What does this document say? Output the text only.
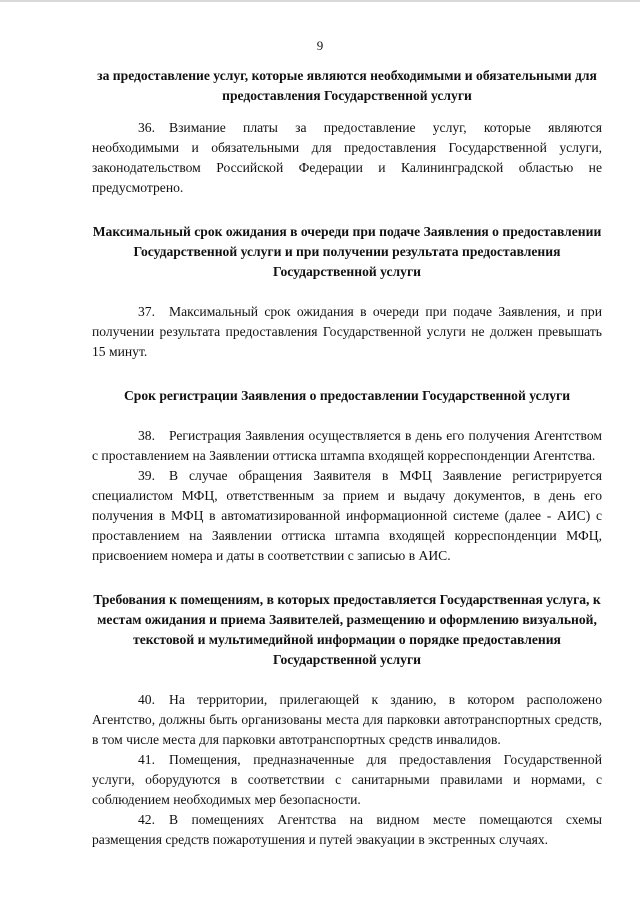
9

за предоставление услуг, которые являются необходимыми и обязательными для предоставления Государственной услуги

36. Взимание платы за предоставление услуг, которые являются необходимыми и обязательными для предоставления Государственной услуги, законодательством Российской Федерации и Калининградской областью не предусмотрено.

Максимальный срок ожидания в очереди при подаче Заявления о предоставлении Государственной услуги и при получении результата предоставления Государственной услуги

37. Максимальный срок ожидания в очереди при подаче Заявления, и при получении результата предоставления Государственной услуги не должен превышать 15 минут.

Срок регистрации Заявления о предоставлении Государственной услуги

38. Регистрация Заявления осуществляется в день его получения Агентством с проставлением на Заявлении оттиска штампа входящей корреспонденции Агентства.

39. В случае обращения Заявителя в МФЦ Заявление регистрируется специалистом МФЦ, ответственным за прием и выдачу документов, в день его получения в МФЦ в автоматизированной информационной системе (далее - АИС) с проставлением на Заявлении оттиска штампа входящей корреспонденции МФЦ, присвоением номера и даты в соответствии с записью в АИС.

Требования к помещениям, в которых предоставляется Государственная услуга, к местам ожидания и приема Заявителей, размещению и оформлению визуальной, текстовой и мультимедийной информации о порядке предоставления Государственной услуги

40. На территории, прилегающей к зданию, в котором расположено Агентство, должны быть организованы места для парковки автотранспортных средств, в том числе места для парковки автотранспортных средств инвалидов.

41. Помещения, предназначенные для предоставления Государственной услуги, оборудуются в соответствии с санитарными правилами и нормами, с соблюдением необходимых мер безопасности.

42. В помещениях Агентства на видном месте помещаются схемы размещения средств пожаротушения и путей эвакуации в экстренных случаях.
